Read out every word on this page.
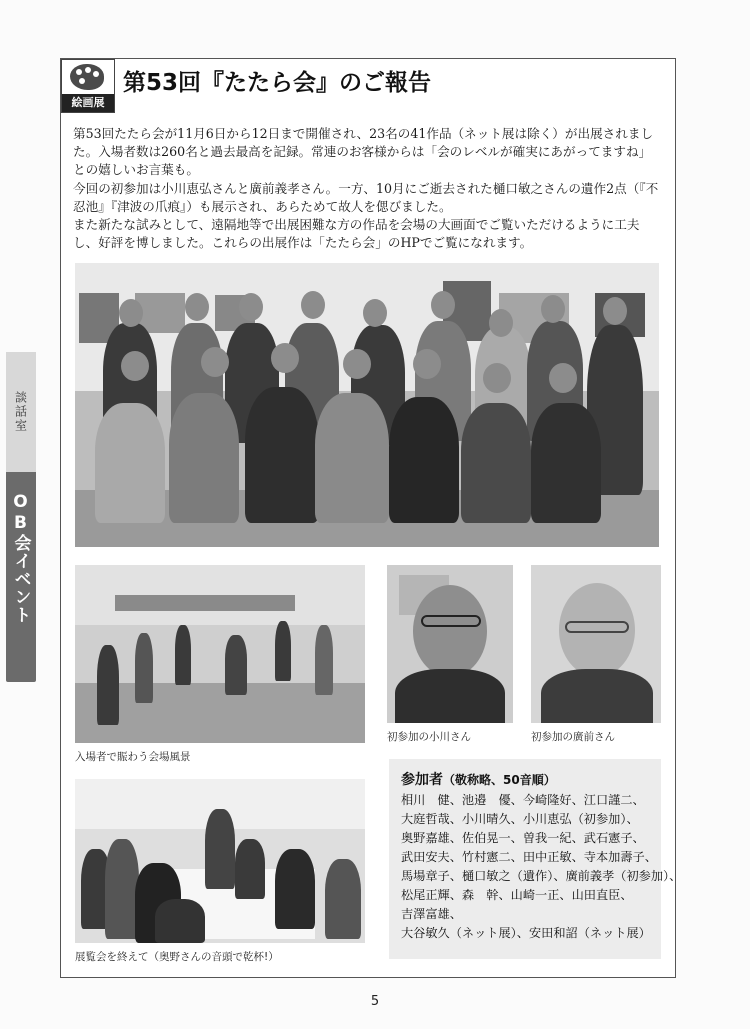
談話室
OB会イベント
絵画展
第53回『たたら会』のご報告

第53回たたら会が11月6日から12日まで開催され、23名の41作品（ネット展は除く）が出展されました。入場者数は260名と過去最高を記録。常連のお客様からは「会のレベルが確実にあがってますね」との嬉しいお言葉も。

今回の初参加は小川恵弘さんと廣前義孝さん。一方、10月にご逝去された樋口敏之さんの遺作2点（『不忍池』『津波の爪痕』）も展示され、あらためて故人を偲びました。

また新たな試みとして、遠隔地等で出展困難な方の作品を会場の大画面でご覧いただけるように工夫し、好評を博しました。これらの出展作は「たたら会」のHPでご覧になれます。

入場者で賑わう会場風景
初参加の小川さん	初参加の廣前さん
展覧会を終えて（奥野さんの音頭で乾杯!）
参加者（敬称略、50音順）
相川　健、池邉　優、今崎隆好、江口謹二、
大庭哲哉、小川晴久、小川恵弘（初参加）、
奥野嘉雄、佐伯晃一、曽我一紀、武石憲子、
武田安夫、竹村憲二、田中正敏、寺本加壽子、
馬場章子、樋口敏之（遺作）、廣前義孝（初参加）、
松尾正輝、森　幹、山崎一正、山田直臣、
吉澤富雄、
大谷敏久（ネット展）、安田和詔（ネット展）
5
